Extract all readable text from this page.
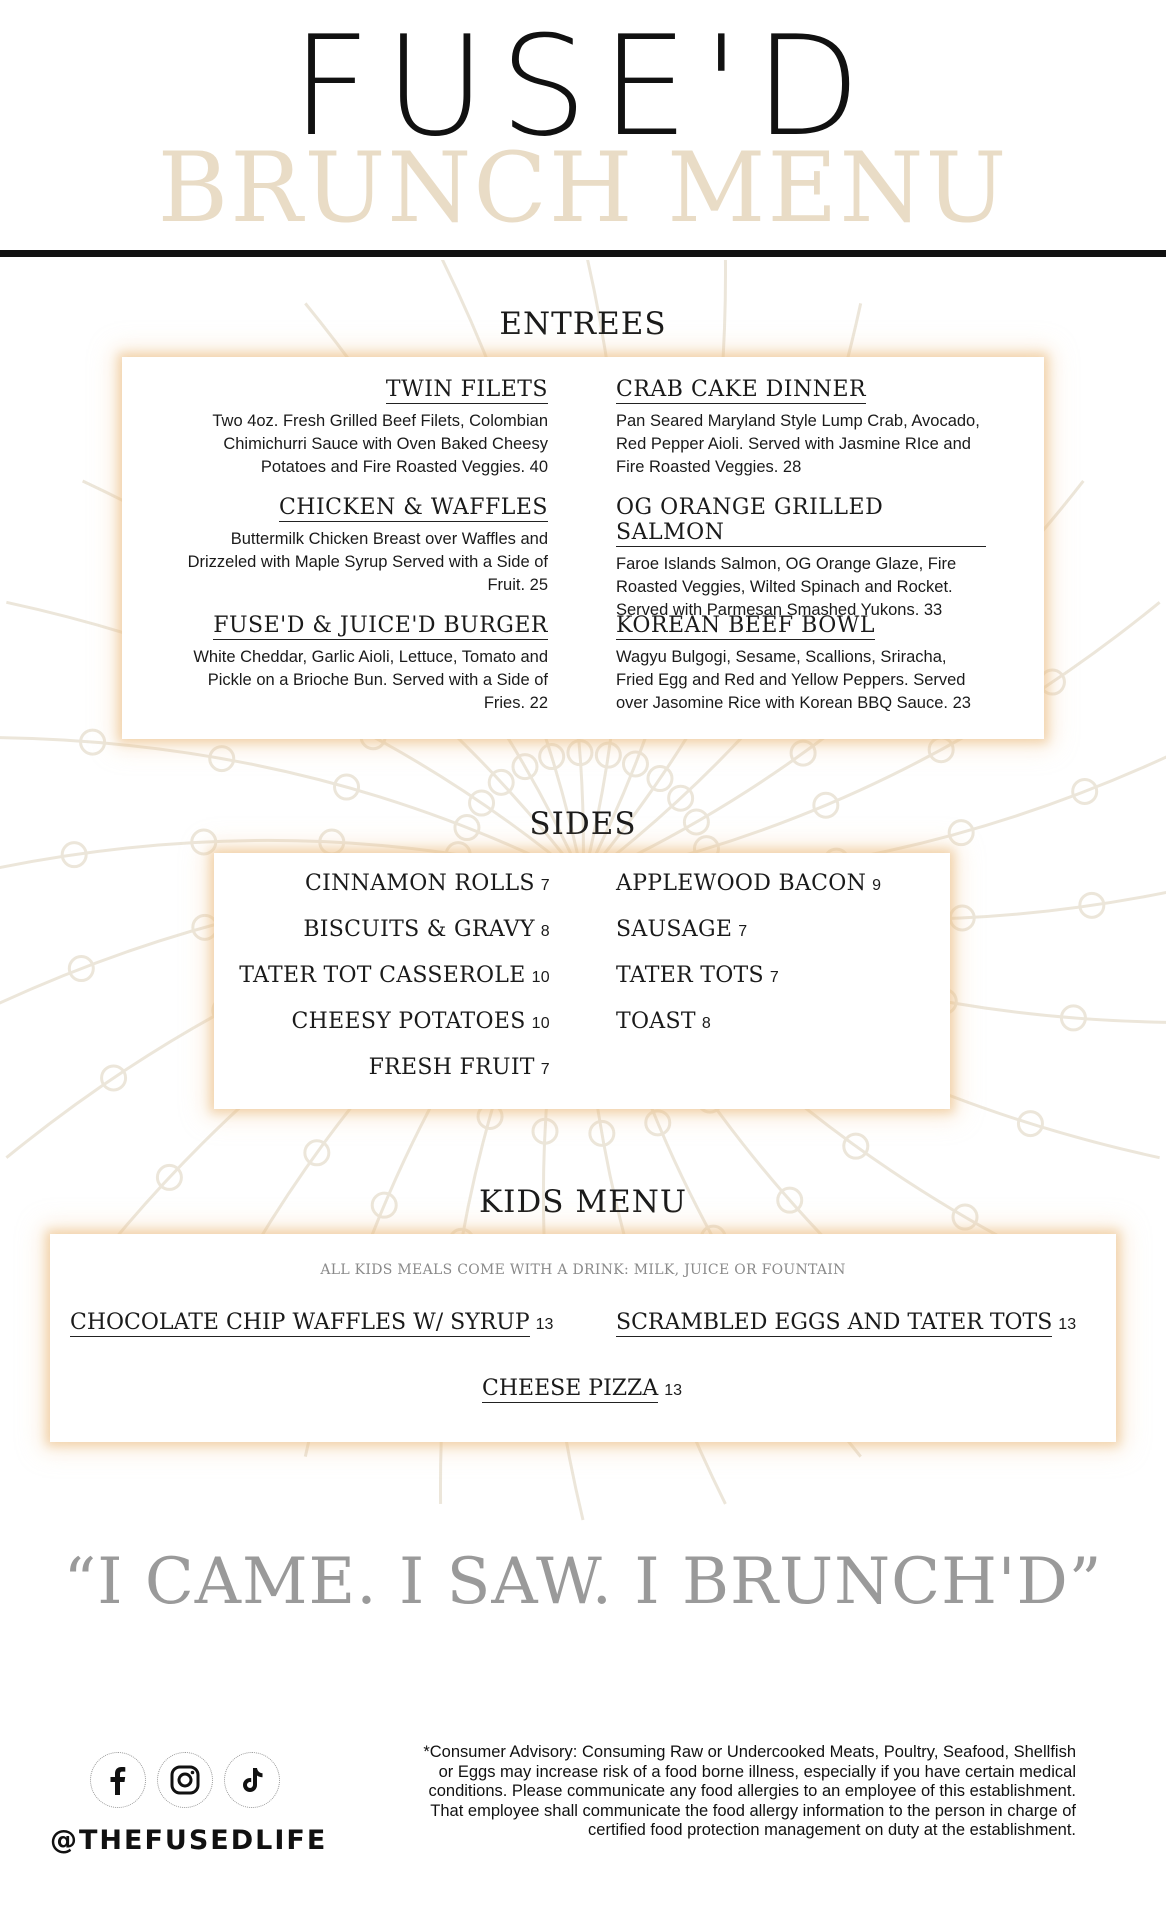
FUSE'D
BRUNCH MENU
ENTREES
TWIN FILETS
Two 4oz. Fresh Grilled Beef Filets, Colombian Chimichurri Sauce with Oven Baked Cheesy Potatoes and Fire Roasted Veggies. 40
CRAB CAKE DINNER
Pan Seared Maryland Style Lump Crab, Avocado, Red Pepper Aioli. Served with Jasmine RIce and Fire Roasted Veggies. 28
CHICKEN & WAFFLES
Buttermilk Chicken Breast over Waffles and Drizzeled with Maple Syrup Served with a Side of Fruit. 25
OG ORANGE GRILLED SALMON
Faroe Islands Salmon, OG Orange Glaze, Fire Roasted Veggies, Wilted Spinach and Rocket. Served with Parmesan Smashed Yukons. 33
FUSE'D & JUICE'D BURGER
White Cheddar, Garlic Aioli, Lettuce, Tomato and Pickle on a Brioche Bun. Served with a Side of Fries. 22
KOREAN BEEF BOWL
Wagyu Bulgogi, Sesame, Scallions, Sriracha, Fried Egg and Red and Yellow Peppers. Served over Jasomine Rice with Korean BBQ Sauce. 23
SIDES
CINNAMON ROLLS 7
BISCUITS & GRAVY 8
TATER TOT CASSEROLE 10
CHEESY POTATOES 10
FRESH FRUIT 7
APPLEWOOD BACON 9
SAUSAGE 7
TATER TOTS 7
TOAST 8
KIDS MENU
ALL KIDS MEALS COME WITH A DRINK: MILK, JUICE OR FOUNTAIN
CHOCOLATE CHIP WAFFLES W/ SYRUP 13	SCRAMBLED EGGS AND TATER TOTS 13
CHEESE PIZZA 13
“I CAME. I SAW. I BRUNCH'D”
@THEFUSEDLIFE
*Consumer Advisory: Consuming Raw or Undercooked Meats, Poultry, Seafood, Shellfish or Eggs may increase risk of a food borne illness, especially if you have certain medical conditions. Please communicate any food allergies to an employee of this establishment. That employee shall communicate the food allergy information to the person in charge of certified food protection management on duty at the establishment.
